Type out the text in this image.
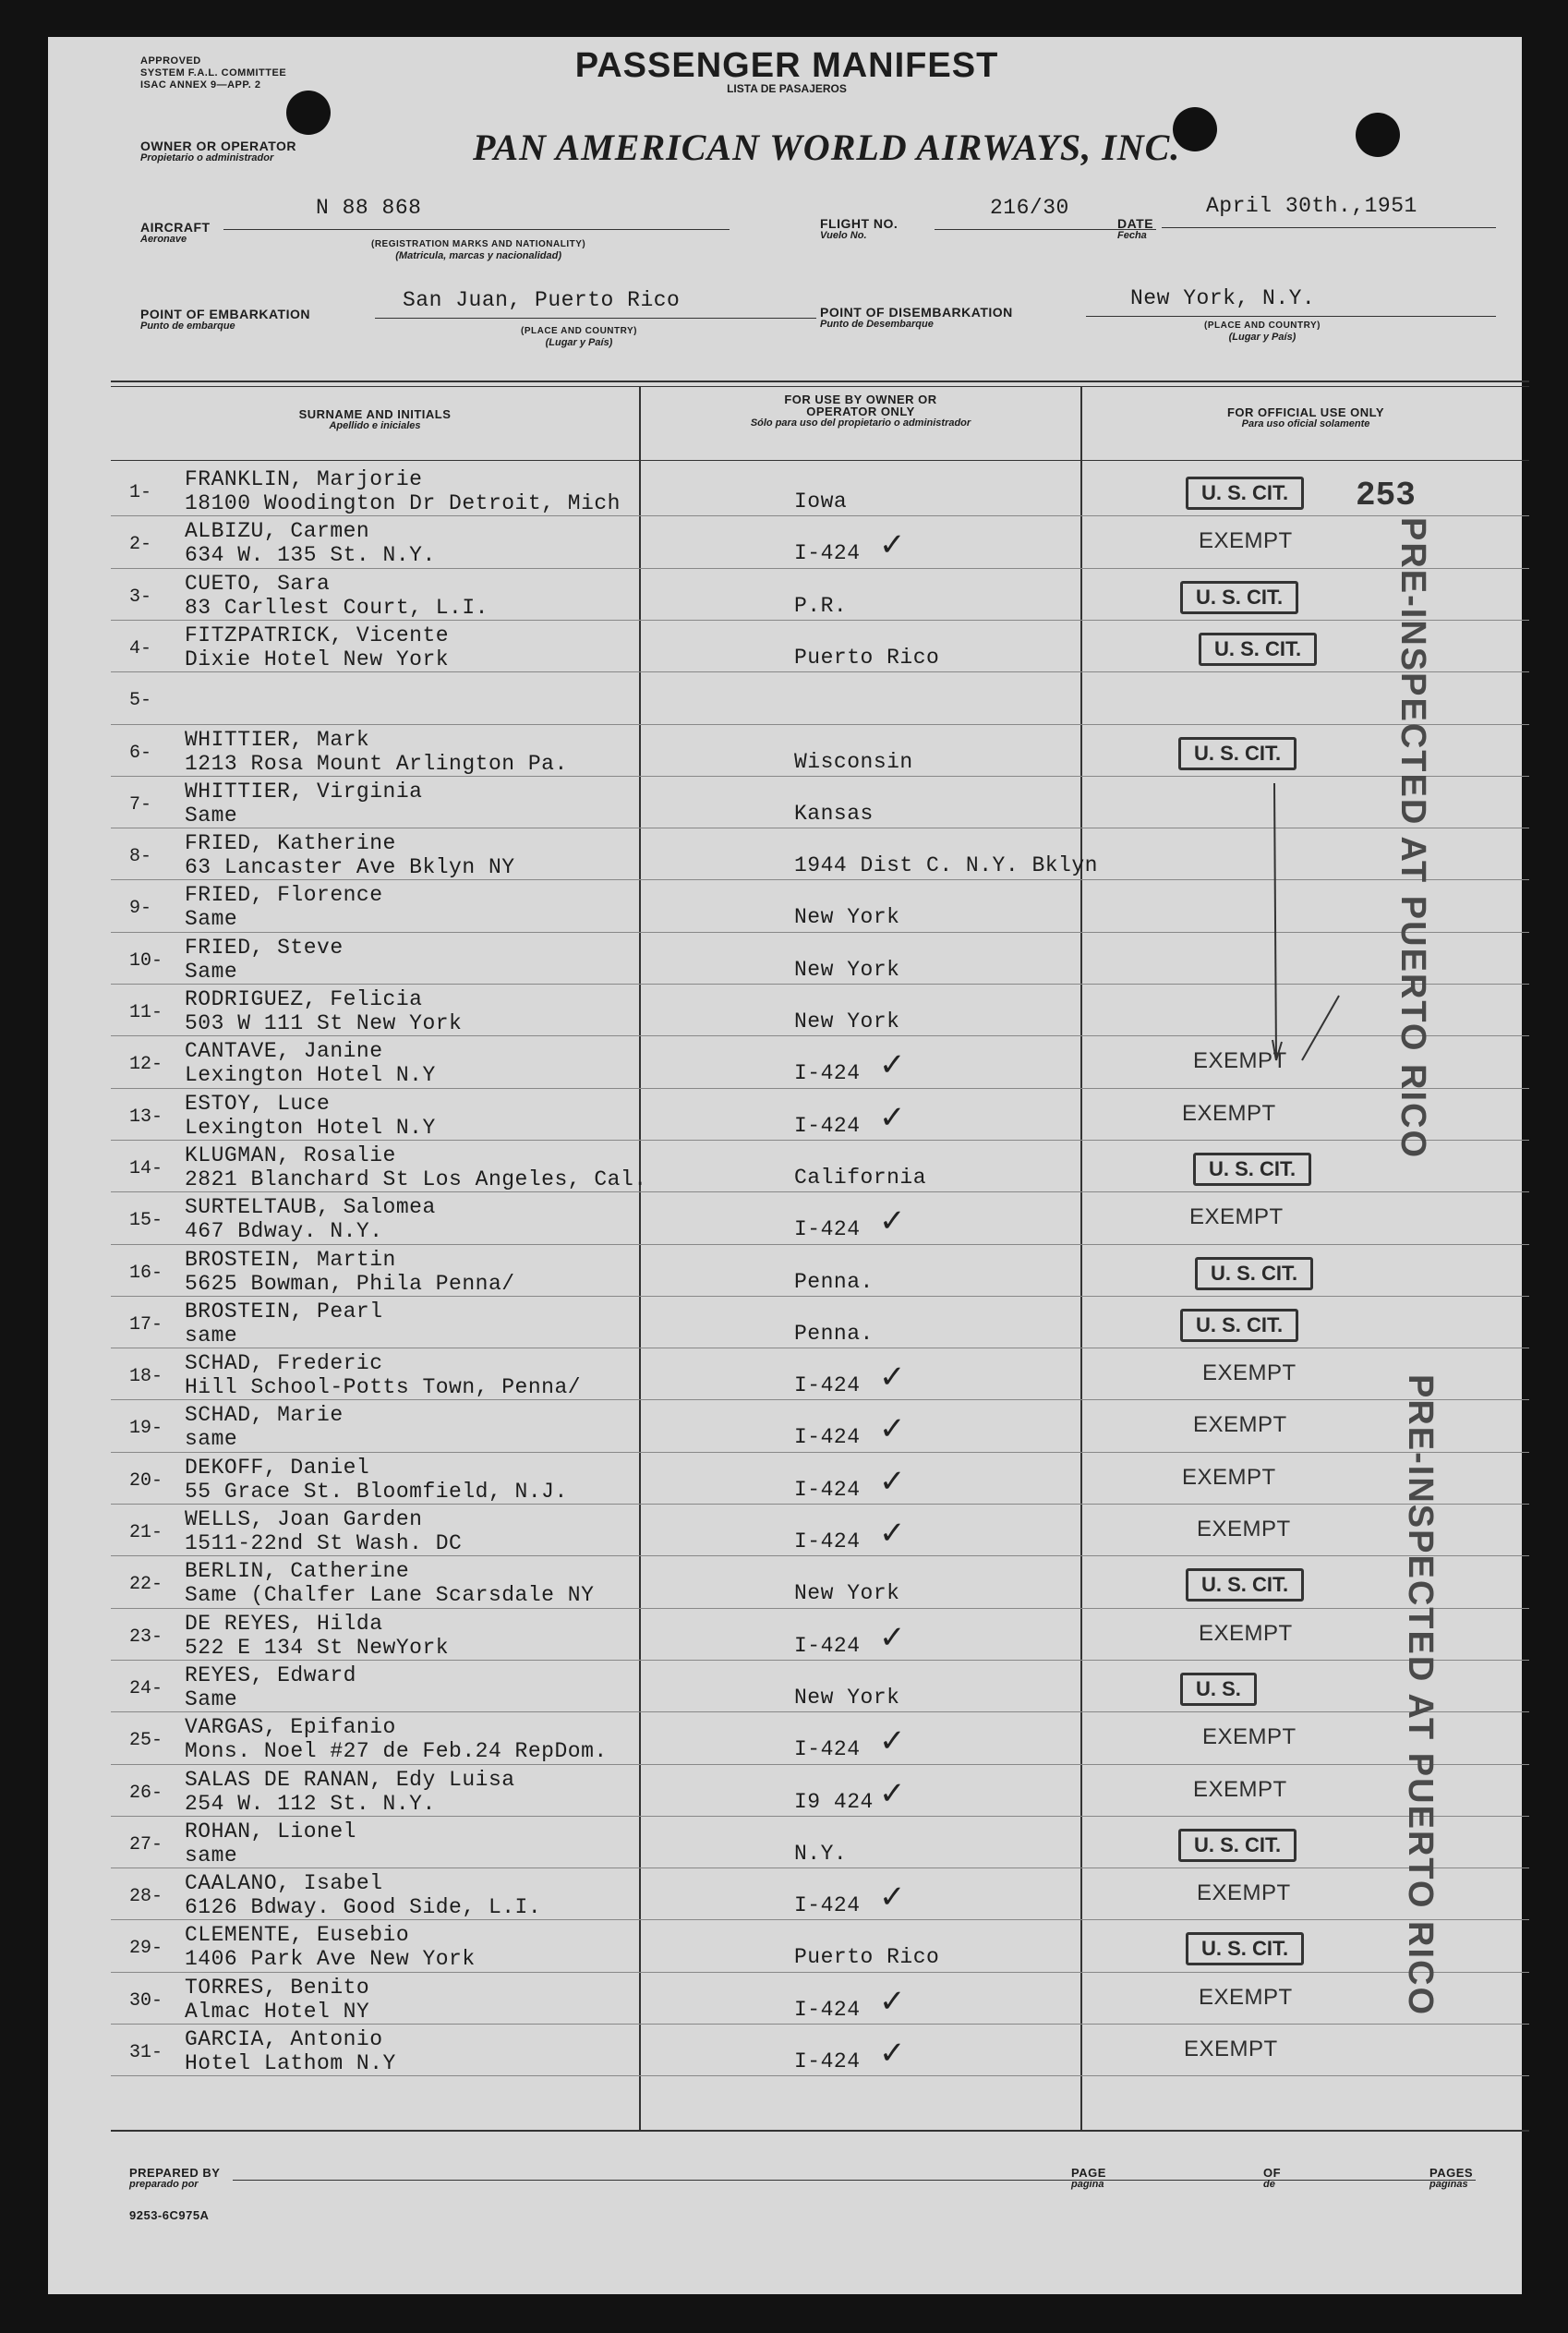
APPROVED
SYSTEM F.A.L. COMMITTEE
ISAC ANNEX 9—APP. 2	PASSENGER MANIFEST
LISTA DE PASAJEROS
OWNER OR OPERATOR
Propietario o administrador	PAN AMERICAN WORLD AIRWAYS, INC.
AIRCRAFT
Aeronave
N 88 868
(REGISTRATION MARKS AND NATIONALITY)
(Matricula, marcas y nacionalidad)
FLIGHT NO.
Vuelo No.
216/30
DATE
Fecha
April 30th.,1951
POINT OF EMBARKATION
Punto de embarque
San Juan, Puerto Rico
(PLACE AND COUNTRY)
(Lugar y País)
POINT OF DISEMBARKATION
Punto de Desembarque
New York, N.Y.
(PLACE AND COUNTRY)
(Lugar y País)
SURNAME AND INITIALS
Apellido e iniciales
FOR USE BY OWNER OR OPERATOR ONLY
Sólo para uso del propietario o administrador
FOR OFFICIAL USE ONLY
Para uso oficial solamente
1-
FRANKLIN, Marjorie
18100 Woodington Dr Detroit, Mich	Iowa	U. S. CIT.
2-
ALBIZU, Carmen
634 W. 135 St. N.Y.	I-424 ✓	EXEMPT
3-
CUETO, Sara
83 Carllest Court, L.I.	P.R.	U. S. CIT.
4-
FITZPATRICK, Vicente
Dixie Hotel New York	Puerto Rico	U. S. CIT.
5-
6-
WHITTIER, Mark
1213 Rosa Mount Arlington Pa.	Wisconsin	U. S. CIT.
7-
WHITTIER, Virginia
Same	Kansas
8-
FRIED, Katherine
63 Lancaster Ave Bklyn NY	1944 Dist C. N.Y. Bklyn
9-
FRIED, Florence
Same	New York
10-
FRIED, Steve
Same	New York
11-
RODRIGUEZ, Felicia
503 W 111 St New York	New York
12-
CANTAVE, Janine
Lexington Hotel N.Y	I-424 ✓	EXEMPT
13-
ESTOY, Luce
Lexington Hotel N.Y	I-424 ✓	EXEMPT
14-
KLUGMAN, Rosalie
2821 Blanchard St Los Angeles, Cal.	California	U. S. CIT.
15-
SURTELTAUB, Salomea
467 Bdway. N.Y.	I-424 ✓	EXEMPT
16-
BROSTEIN, Martin
5625 Bowman, Phila Penna/	Penna.	U. S. CIT.
17-
BROSTEIN, Pearl
same	Penna.	U. S. CIT.
18-
SCHAD, Frederic
Hill School-Potts Town, Penna/	I-424 ✓	EXEMPT
19-
SCHAD, Marie
same	I-424 ✓	EXEMPT
20-
DEKOFF, Daniel
55 Grace St. Bloomfield, N.J.	I-424 ✓	EXEMPT
21-
WELLS, Joan Garden
1511-22nd St Wash. DC	I-424 ✓	EXEMPT
22-
BERLIN, Catherine
Same (Chalfer Lane Scarsdale NY	New York	U. S. CIT.
23-
DE REYES, Hilda
522 E 134 St NewYork	I-424 ✓	EXEMPT
24-
REYES, Edward
Same	New York	U. S.
25-
VARGAS, Epifanio
Mons. Noel #27 de Feb.24 RepDom.	I-424 ✓	EXEMPT
26-
SALAS DE RANAN, Edy Luisa
254 W. 112 St. N.Y.	I9 424 ✓	EXEMPT
27-
ROHAN, Lionel
same	N.Y.	U. S. CIT.
28-
CAALANO, Isabel
6126 Bdway. Good Side, L.I.	I-424 ✓	EXEMPT
29-
CLEMENTE, Eusebio
1406 Park Ave New York	Puerto Rico	U. S. CIT.
30-
TORRES, Benito
Almac Hotel NY	I-424 ✓	EXEMPT
31-
GARCIA, Antonio
Hotel Lathom N.Y	I-424 ✓	EXEMPT
253
PRE-INSPECTED AT PUERTO RICO
PRE-INSPECTED AT PUERTO RICO
PREPARED BY
preparado por
PAGE
pagina
OF
de
PAGES
paginas
9253-6C975A
